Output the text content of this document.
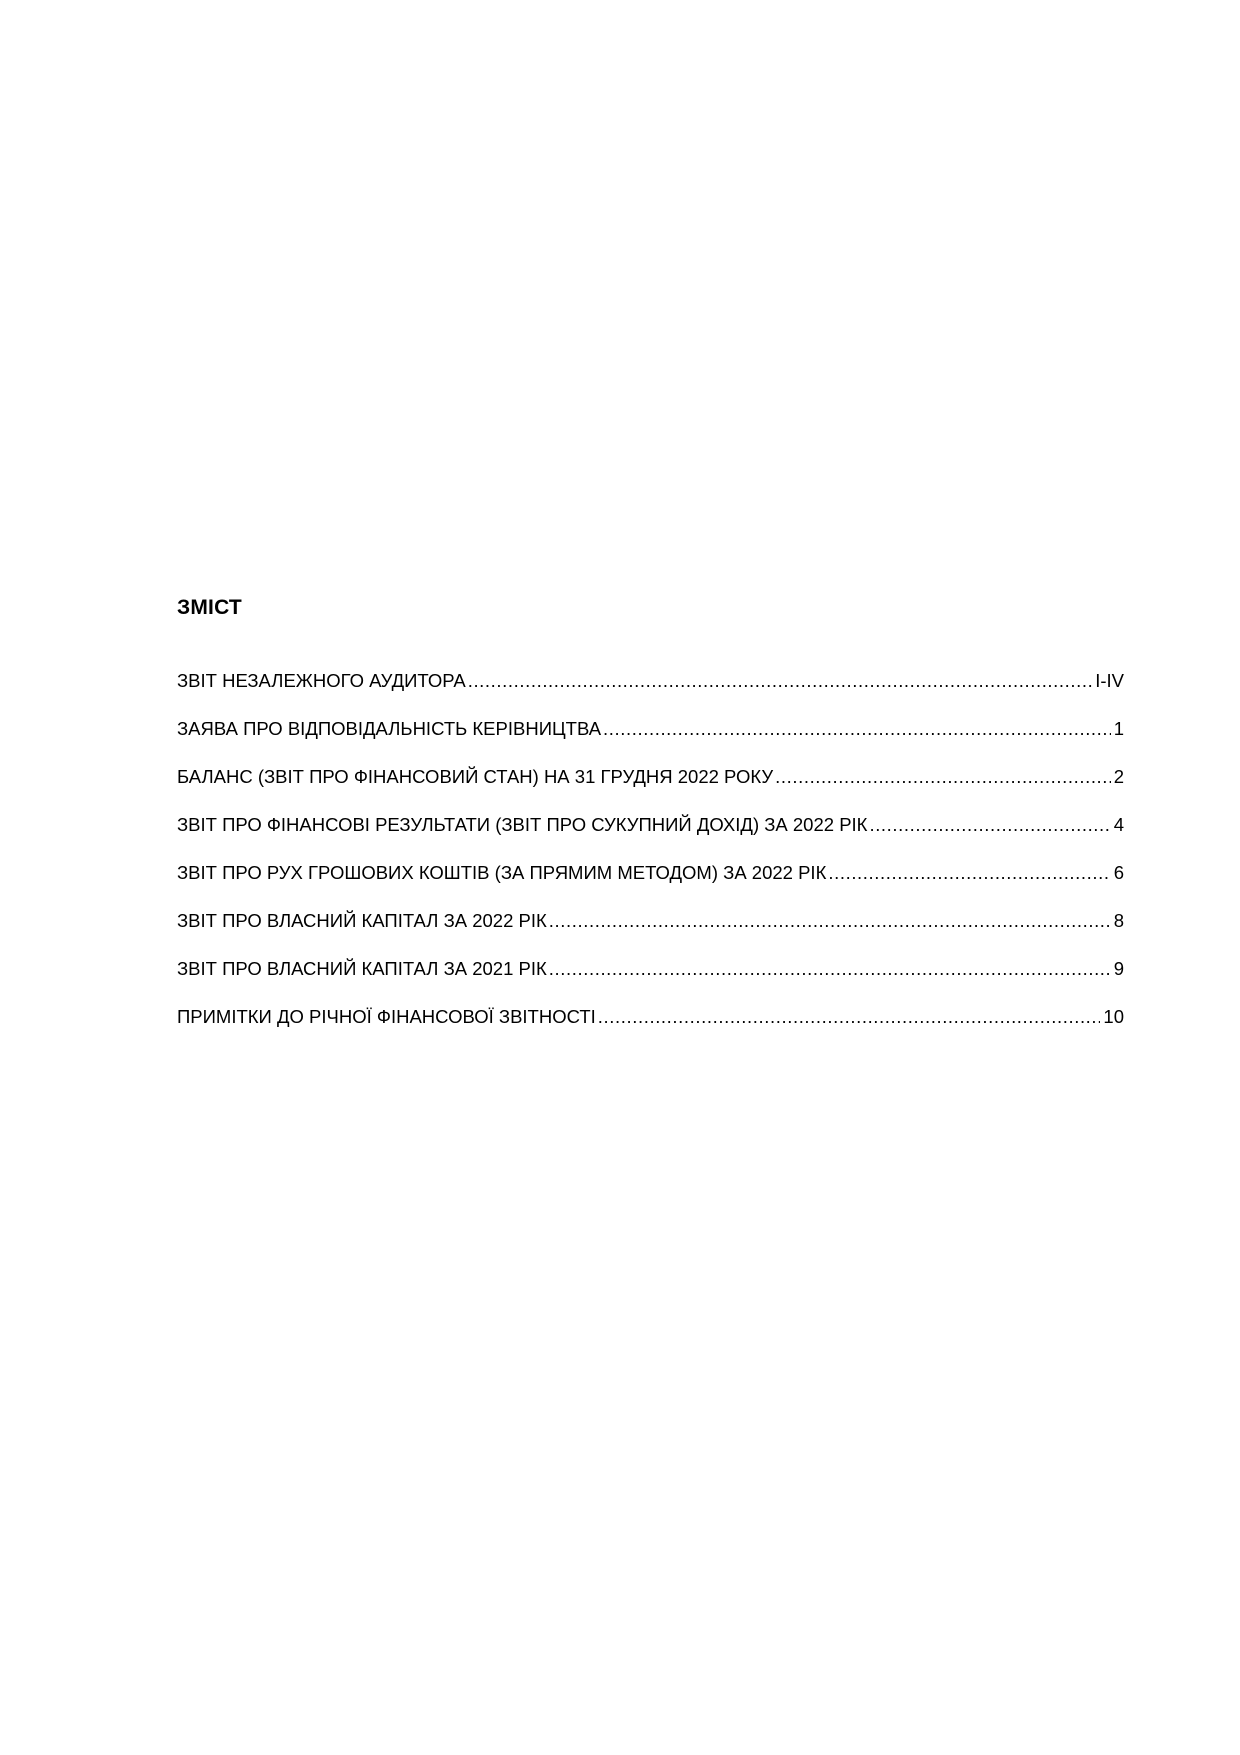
ЗМІСТ
ЗВІТ НЕЗАЛЕЖНОГО АУДИТОРА .....	I-IV
ЗАЯВА ПРО ВІДПОВІДАЛЬНІСТЬ КЕРІВНИЦТВА .....	1
БАЛАНС (ЗВІТ ПРО ФІНАНСОВИЙ СТАН) НА 31 ГРУДНЯ 2022 РОКУ .....	2
ЗВІТ ПРО ФІНАНСОВІ РЕЗУЛЬТАТИ (ЗВІТ ПРО СУКУПНИЙ ДОХІД) ЗА 2022 РІК .....	4
ЗВІТ ПРО РУХ ГРОШОВИХ КОШТІВ (ЗА ПРЯМИМ МЕТОДОМ) ЗА 2022 РІК .....	6
ЗВІТ ПРО ВЛАСНИЙ КАПІТАЛ ЗА 2022 РІК .....	8
ЗВІТ ПРО ВЛАСНИЙ КАПІТАЛ ЗА 2021 РІК .....	9
ПРИМІТКИ ДО РІЧНОЇ ФІНАНСОВОЇ ЗВІТНОСТІ .....	10
